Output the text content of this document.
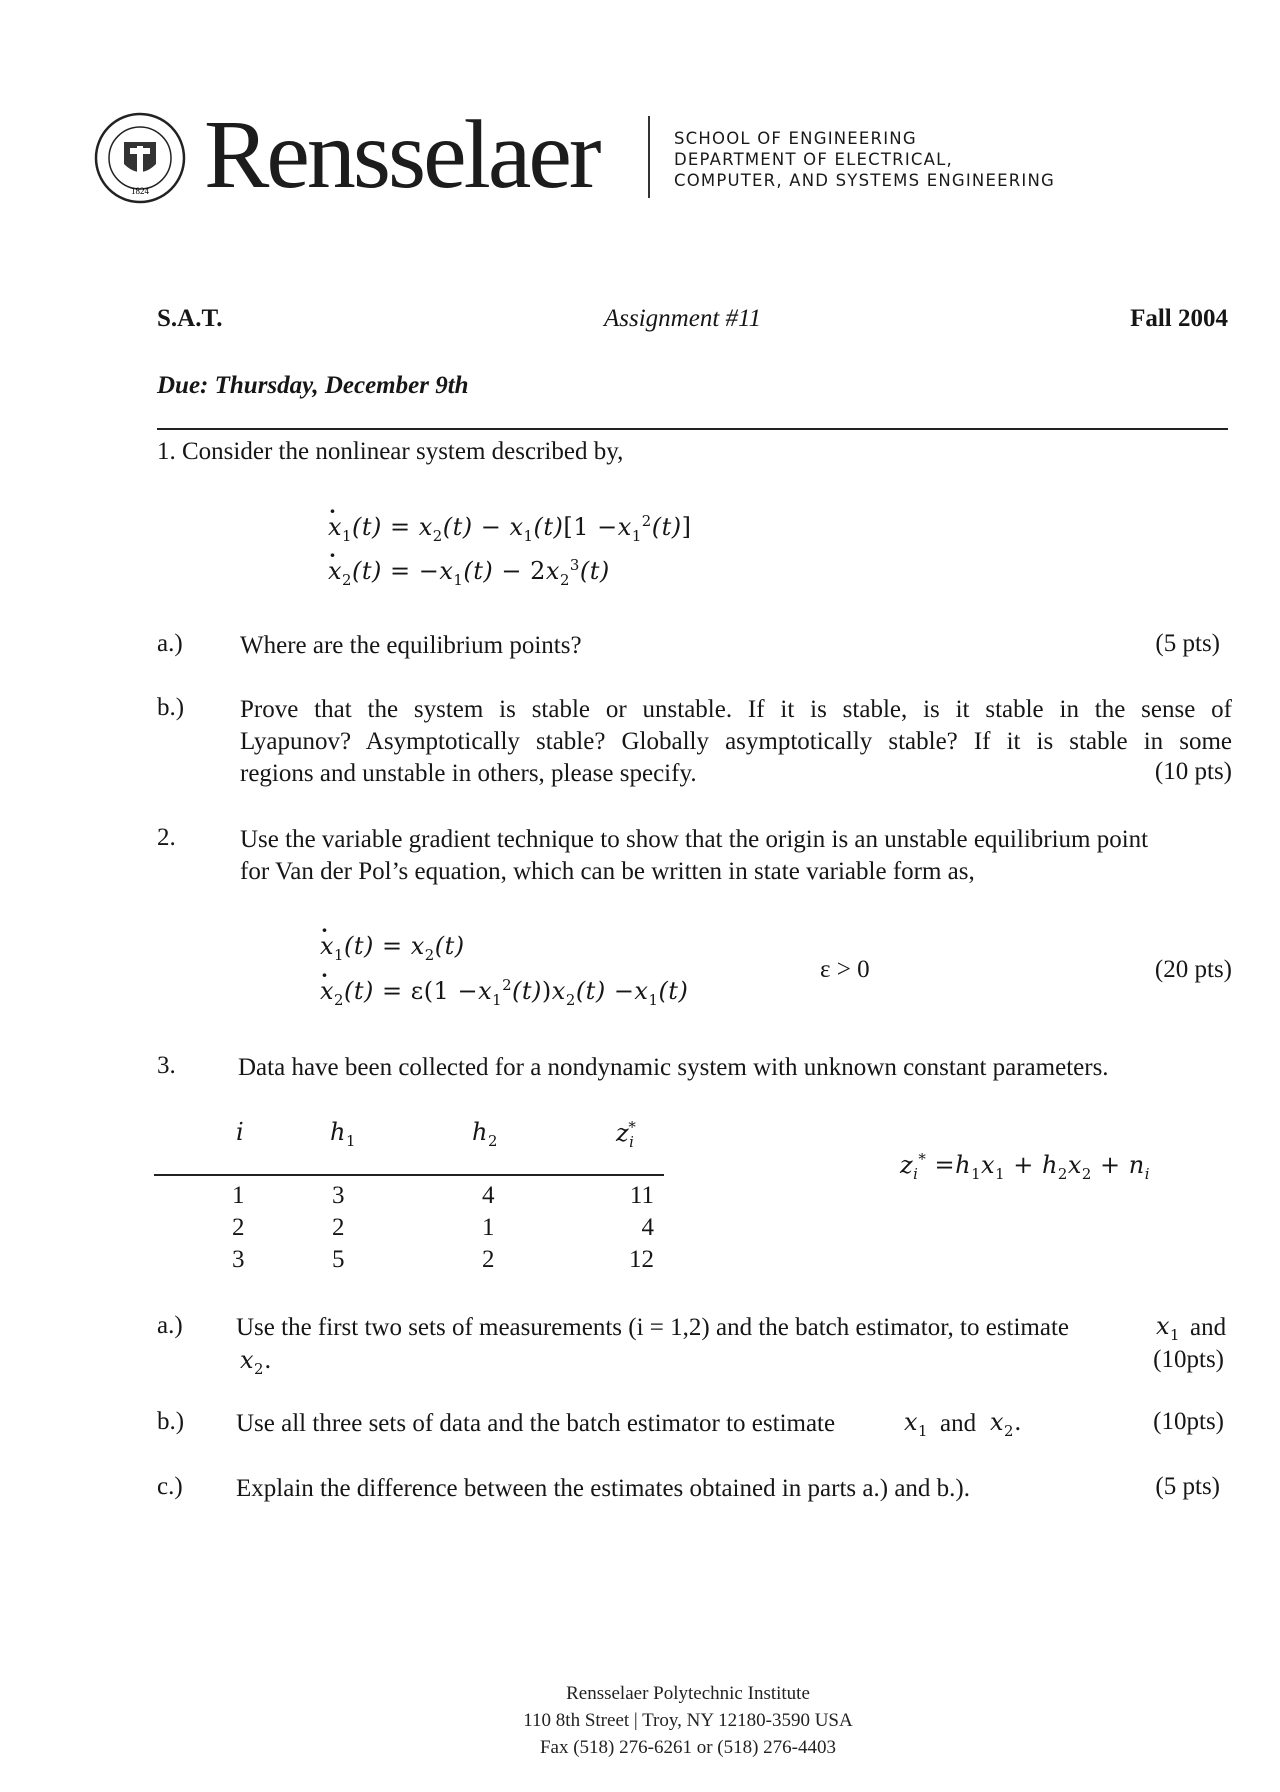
1824 Rensselaer	SCHOOL OF ENGINEERING
DEPARTMENT OF ELECTRICAL,
COMPUTER, AND SYSTEMS ENGINEERING
S.A.T.	Assignment #11	Fall 2004
Due: Thursday, December 9th
1. Consider the nonlinear system described by,
· $x_1(t) = x_2(t) - x_1(t)[1 -x_1^2(t)]$
· $x_2(t) = -x_1(t) - 2x_2^3(t)$
a.) Where are the equilibrium points?	(5 pts)
b.) Prove that the system is stable or unstable. If it is stable, is it stable in the sense of
Lyapunov? Asymptotically stable? Globally asymptotically stable? If it is stable in some
regions and unstable in others, please specify.	(10 pts)
2.	Use the variable gradient technique to show that the origin is an unstable equilibrium point
for Van der Pol’s equation, which can be written in state variable form as,
· $x_1(t) = x_2(t)$
· $x_2(t) = \varepsilon(1 -x_1^2(t))x_2(t) -x_1(t)$
ε > 0	(20 pts)
3. Data have been collected for a nondynamic system with unknown constant parameters.
i	$h_1$	$h_2$	$z_i^*$
1	3	4	11
2	2	1	4
3	5	2	12
$z_i^* =h_1x_1 + h_2x_2 + n_i$
a.) Use the first two sets of measurements (i = 1,2) and the batch estimator, to estimate	$x_1$ and
$x_2$.	(10pts)
b.) Use all three sets of data and the batch estimator to estimate	$x_1$ and $x_2$.	(10pts)
c.) Explain the difference between the estimates obtained in parts a.) and b.).	(5 pts)
Rensselaer Polytechnic Institute
110 8th Street | Troy, NY 12180-3590 USA
Fax (518) 276-6261 or (518) 276-4403
